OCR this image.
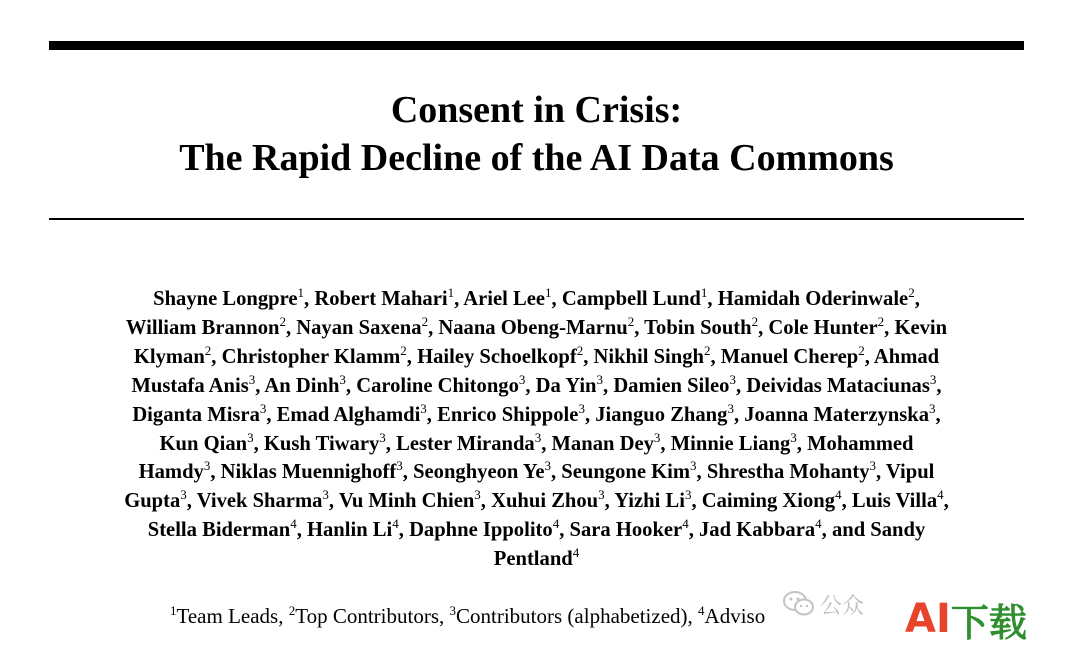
Consent in Crisis:
The Rapid Decline of the AI Data Commons
Shayne Longpre$^1$, Robert Mahari$^1$, Ariel Lee$^1$, Campbell Lund$^1$, Hamidah Oderinwale$^2$,
William Brannon$^2$, Nayan Saxena$^2$, Naana Obeng-Marnu$^2$, Tobin South$^2$, Cole Hunter$^2$, Kevin
Klyman$^2$, Christopher Klamm$^2$, Hailey Schoelkopf$^2$, Nikhil Singh$^2$, Manuel Cherep$^2$, Ahmad
Mustafa Anis$^3$, An Dinh$^3$, Caroline Chitongo$^3$, Da Yin$^3$, Damien Sileo$^3$, Deividas Mataciunas$^3$,
Diganta Misra$^3$, Emad Alghamdi$^3$, Enrico Shippole$^3$, Jianguo Zhang$^3$, Joanna Materzynska$^3$,
Kun Qian$^3$, Kush Tiwary$^3$, Lester Miranda$^3$, Manan Dey$^3$, Minnie Liang$^3$, Mohammed
Hamdy$^3$, Niklas Muennighoff$^3$, Seonghyeon Ye$^3$, Seungone Kim$^3$, Shrestha Mohanty$^3$, Vipul
Gupta$^3$, Vivek Sharma$^3$, Vu Minh Chien$^3$, Xuhui Zhou$^3$, Yizhi Li$^3$, Caiming Xiong$^4$, Luis Villa$^4$,
Stella Biderman$^4$, Hanlin Li$^4$, Daphne Ippolito$^4$, Sara Hooker$^4$, Jad Kabbara$^4$, and Sandy
Pentland$^4$
$^1$Team Leads, $^2$Top Contributors, $^3$Contributors (alphabetized), $^4$Adviso	公众 AI 下载
